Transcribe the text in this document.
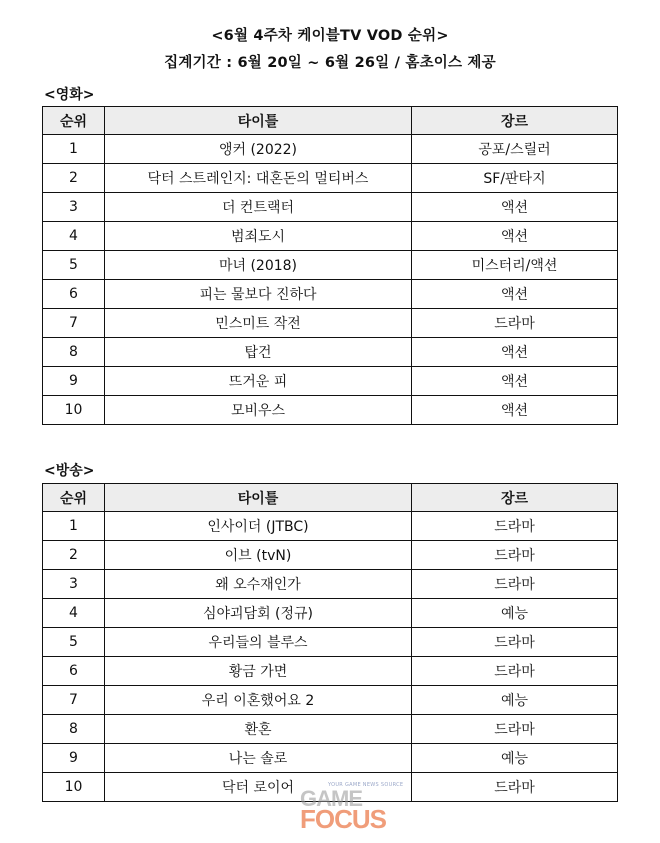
<6월 4주차 케이블TV VOD 순위>
집계기간 : 6월 20일 ~ 6월 26일 / 홈초이스 제공
<영화>
순위	타이틀	장르
1	앵커 (2022)	공포/스릴러
2	닥터 스트레인지: 대혼돈의 멀티버스	SF/판타지
3	더 컨트랙터	액션
4	범죄도시	액션
5	마녀 (2018)	미스터리/액션
6	피는 물보다 진하다	액션
7	민스미트 작전	드라마
8	탑건	액션
9	뜨거운 피	액션
10	모비우스	액션
<방송>
순위	타이틀	장르
1	인사이더 (JTBC)	드라마
2	이브 (tvN)	드라마
3	왜 오수재인가	드라마
4	심야괴담회 (정규)	예능
5	우리들의 블루스	드라마
6	황금 가면	드라마
7	우리 이혼했어요 2	예능
8	환혼	드라마
9	나는 솔로	예능
10	닥터 로이어	드라마
YOUR GAME NEWS SOURCE
GAME
FOCUS
